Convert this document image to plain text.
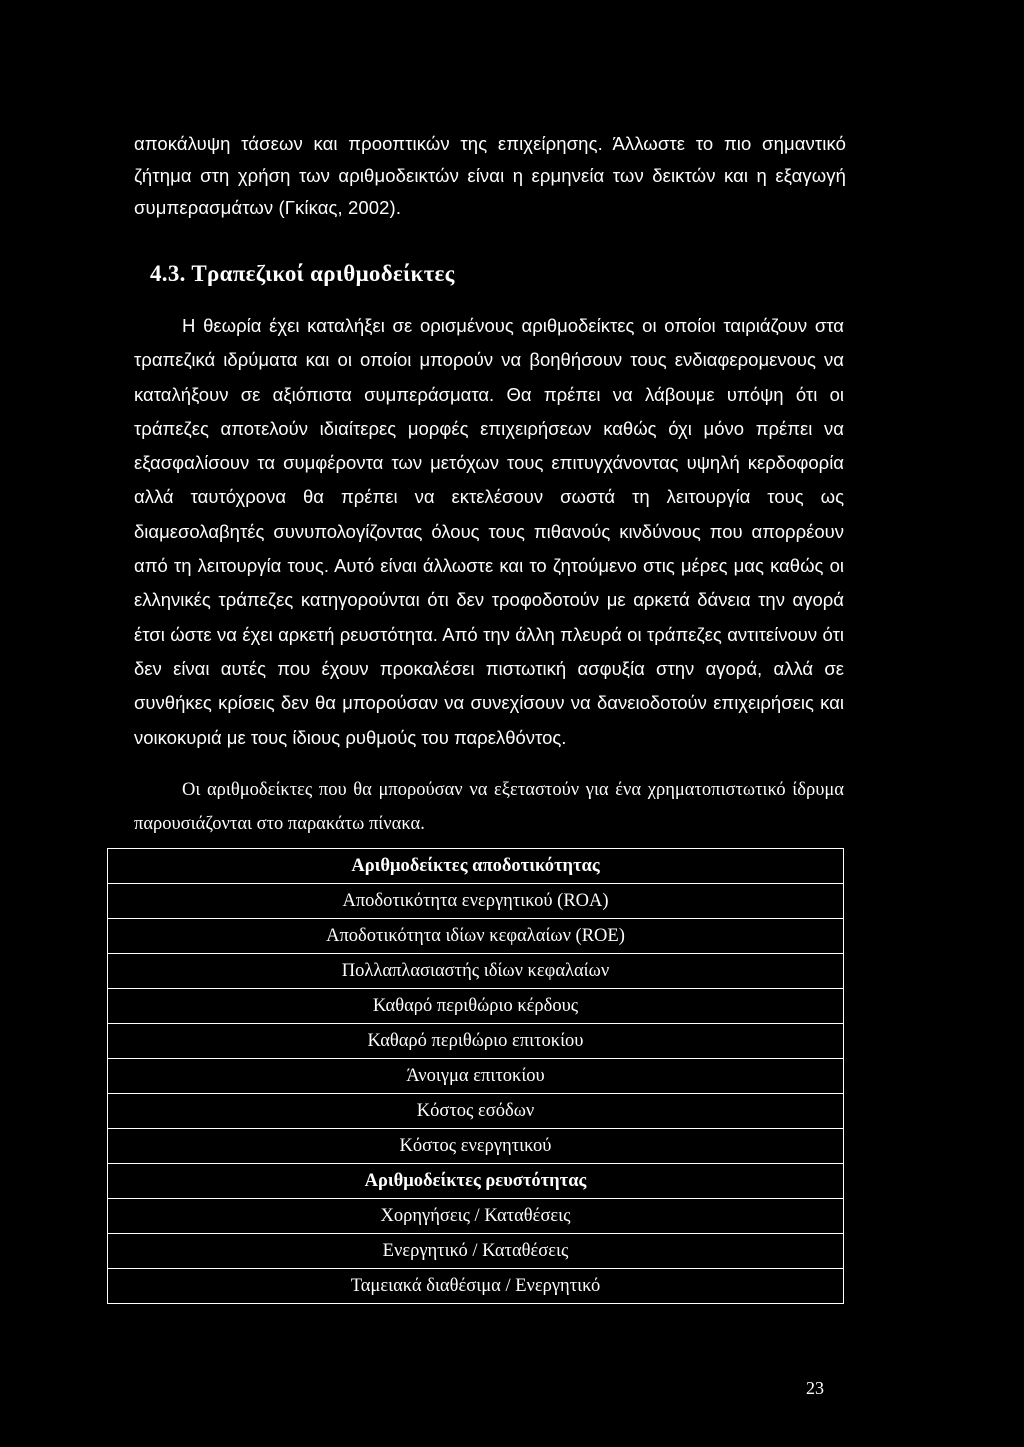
αποκάλυψη τάσεων και προοπτικών της επιχείρησης. Άλλωστε το πιο σημαντικό ζήτημα στη χρήση των αριθμοδεικτών είναι η ερμηνεία των δεικτών και η εξαγωγή συμπερασμάτων (Γκίκας, 2002).
4.3. Τραπεζικοί αριθμοδείκτες

Η θεωρία έχει καταλήξει σε ορισμένους αριθμοδείκτες οι οποίοι ταιριάζουν στα τραπεζικά ιδρύματα και οι οποίοι μπορούν να βοηθήσουν τους ενδιαφερομενους να καταλήξουν σε αξιόπιστα συμπεράσματα. Θα πρέπει να λάβουμε υπόψη ότι οι τράπεζες αποτελούν ιδιαίτερες μορφές επιχειρήσεων καθώς όχι μόνο πρέπει να εξασφαλίσουν τα συμφέροντα των μετόχων τους επιτυγχάνοντας υψηλή κερδοφορία αλλά ταυτόχρονα θα πρέπει να εκτελέσουν σωστά τη λειτουργία τους ως διαμεσολαβητές συνυπολογίζοντας όλους τους πιθανούς κινδύνους που απορρέουν από τη λειτουργία τους. Αυτό είναι άλλωστε και το ζητούμενο στις μέρες μας καθώς οι ελληνικές τράπεζες κατηγορούνται ότι δεν τροφοδοτούν με αρκετά δάνεια την αγορά έτσι ώστε να έχει αρκετή ρευστότητα. Από την άλλη πλευρά οι τράπεζες αντιτείνουν ότι δεν είναι αυτές που έχουν προκαλέσει πιστωτική ασφυξία στην αγορά, αλλά σε συνθήκες κρίσεις δεν θα μπορούσαν να συνεχίσουν να δανειοδοτούν επιχειρήσεις και νοικοκυριά με τους ίδιους ρυθμούς του παρελθόντος.

Οι αριθμοδείκτες που θα μπορούσαν να εξεταστούν για ένα χρηματοπιστωτικό ίδρυμα παρουσιάζονται στο παρακάτω πίνακα.

Αριθμοδείκτες αποδοτικότητας
Αποδοτικότητα ενεργητικού (ROA)
Αποδοτικότητα ιδίων κεφαλαίων (ROE)
Πολλαπλασιαστής ιδίων κεφαλαίων
Καθαρό περιθώριο κέρδους
Καθαρό περιθώριο επιτοκίου
Άνοιγμα επιτοκίου
Κόστος εσόδων
Κόστος ενεργητικού
Αριθμοδείκτες ρευστότητας
Χορηγήσεις / Καταθέσεις
Ενεργητικό / Καταθέσεις
Ταμειακά διαθέσιμα / Ενεργητικό
23
